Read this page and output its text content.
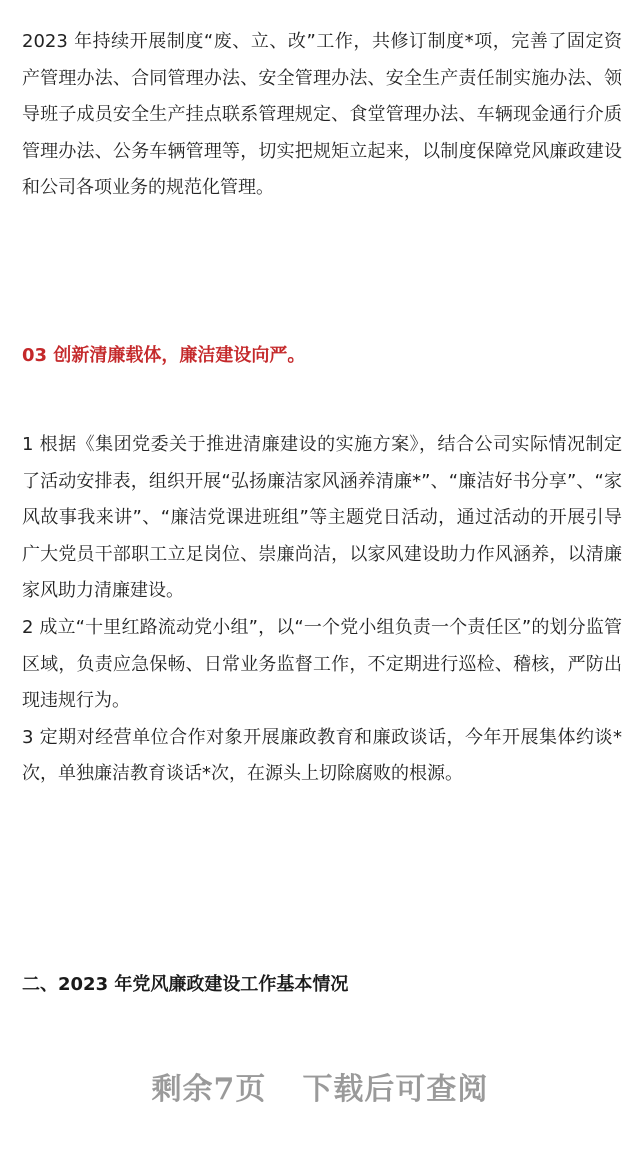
2023 年持续开展制度“废、立、改”工作，共修订制度*项，完善了固定资产管理办法、合同管理办法、安全管理办法、安全生产责任制实施办法、领导班子成员安全生产挂点联系管理规定、食堂管理办法、车辆现金通行介质管理办法、公务车辆管理等，切实把规矩立起来，以制度保障党风廉政建设和公司各项业务的规范化管理。

03 创新清廉载体，廉洁建设向严。

1 根据《集团党委关于推进清廉建设的实施方案》，结合公司实际情况制定了活动安排表，组织开展“弘扬廉洁家风涵养清廉*”、“廉洁好书分享”、“家风故事我来讲”、“廉洁党课进班组”等主题党日活动，通过活动的开展引导广大党员干部职工立足岗位、崇廉尚洁，以家风建设助力作风涵养，以清廉家风助力清廉建设。

2 成立“十里红路流动党小组”，以“一个党小组负责一个责任区”的划分监管区域，负责应急保畅、日常业务监督工作，不定期进行巡检、稽核，严防出现违规行为。

3 定期对经营单位合作对象开展廉政教育和廉政谈话，今年开展集体约谈*次，单独廉洁教育谈话*次，在源头上切除腐败的根源。

二、2023 年党风廉政建设工作基本情况
剩余7页 下载后可查阅
